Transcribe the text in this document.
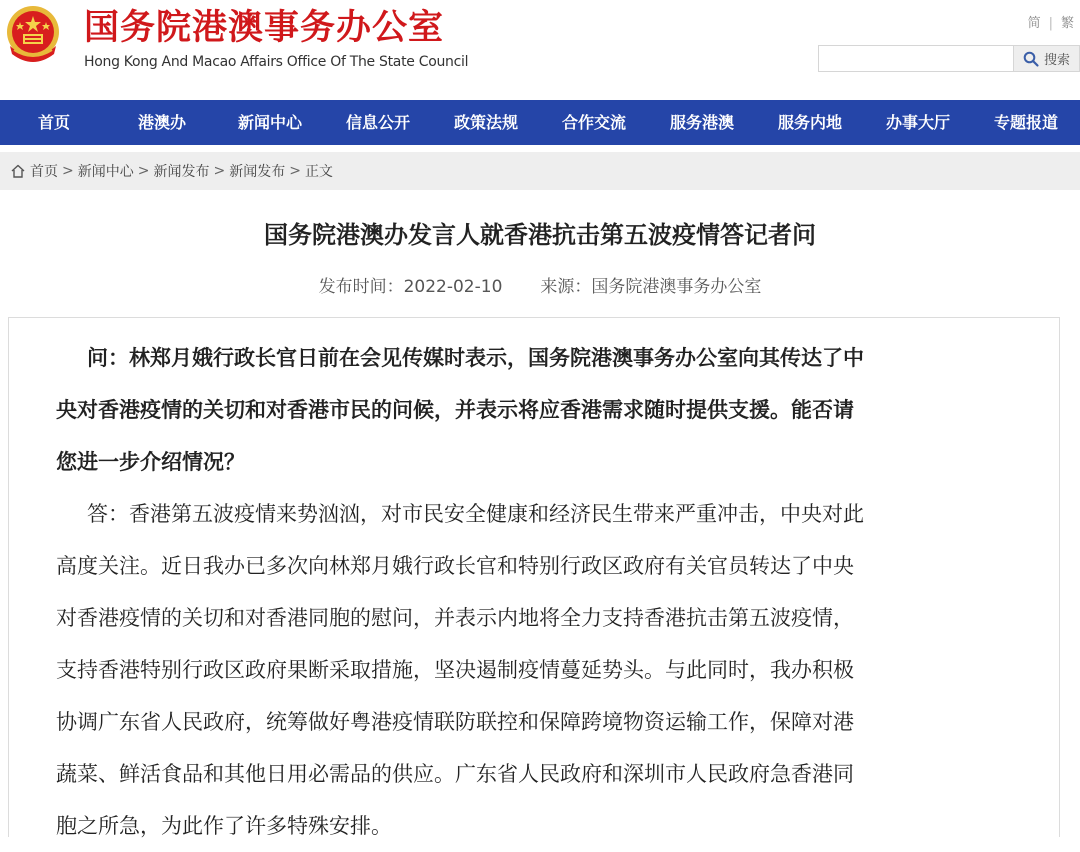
国务院港澳事务办公室
Hong Kong And Macao Affairs Office Of The State Council
简 | 繁
搜索
首页	港澳办	新闻中心	信息公开	政策法规	合作交流	服务港澳	服务内地	办事大厅	专题报道
首页 > 新闻中心 > 新闻发布 > 新闻发布 > 正文
国务院港澳办发言人就香港抗击第五波疫情答记者问
发布时间：2022-02-10 来源：国务院港澳事务办公室

问：林郑月娥行政长官日前在会见传媒时表示，国务院港澳事务办公室向其传达了中
央对香港疫情的关切和对香港市民的问候，并表示将应香港需求随时提供支援。能否请
您进一步介绍情况？

答：香港第五波疫情来势汹汹，对市民安全健康和经济民生带来严重冲击，中央对此
高度关注。近日我办已多次向林郑月娥行政长官和特别行政区政府有关官员转达了中央
对香港疫情的关切和对香港同胞的慰问，并表示内地将全力支持香港抗击第五波疫情，
支持香港特别行政区政府果断采取措施，坚决遏制疫情蔓延势头。与此同时，我办积极
协调广东省人民政府，统筹做好粤港疫情联防联控和保障跨境物资运输工作，保障对港
蔬菜、鲜活食品和其他日用必需品的供应。广东省人民政府和深圳市人民政府急香港同
胞之所急，为此作了许多特殊安排。
